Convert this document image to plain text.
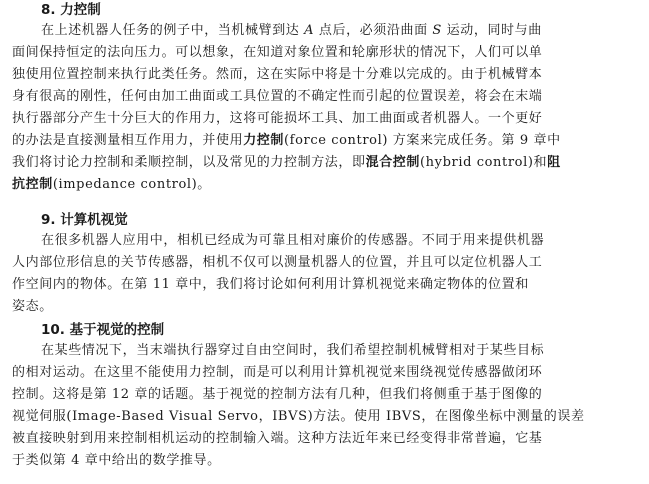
8. 力控制
在上述机器人任务的例子中，当机械臂到达 A 点后，必须沿曲面 S 运动，同时与曲
面间保持恒定的法向压力。可以想象，在知道对象位置和轮廓形状的情况下，人们可以单
独使用位置控制来执行此类任务。然而，这在实际中将是十分难以完成的。由于机械臂本
身有很高的刚性，任何由加工曲面或工具位置的不确定性而引起的位置误差，将会在末端
执行器部分产生十分巨大的作用力，这将可能损坏工具、加工曲面或者机器人。一个更好
的办法是直接测量相互作用力，并使用力控制(force control) 方案来完成任务。第 9 章中
我们将讨论力控制和柔顺控制，以及常见的力控制方法，即混合控制(hybrid control)和阻
抗控制(impedance control)。
9. 计算机视觉
在很多机器人应用中，相机已经成为可靠且相对廉价的传感器。不同于用来提供机器
人内部位形信息的关节传感器，相机不仅可以测量机器人的位置，并且可以定位机器人工
作空间内的物体。在第 11 章中，我们将讨论如何利用计算机视觉来确定物体的位置和
姿态。
10. 基于视觉的控制
在某些情况下，当末端执行器穿过自由空间时，我们希望控制机械臂相对于某些目标
的相对运动。在这里不能使用力控制，而是可以利用计算机视觉来围绕视觉传感器做闭环
控制。这将是第 12 章的话题。基于视觉的控制方法有几种，但我们将侧重于基于图像的
视觉伺服(Image-Based Visual Servo，IBVS)方法。使用 IBVS，在图像坐标中测量的误差
被直接映射到用来控制相机运动的控制输入端。这种方法近年来已经变得非常普遍，它基
于类似第 4 章中给出的数学推导。
